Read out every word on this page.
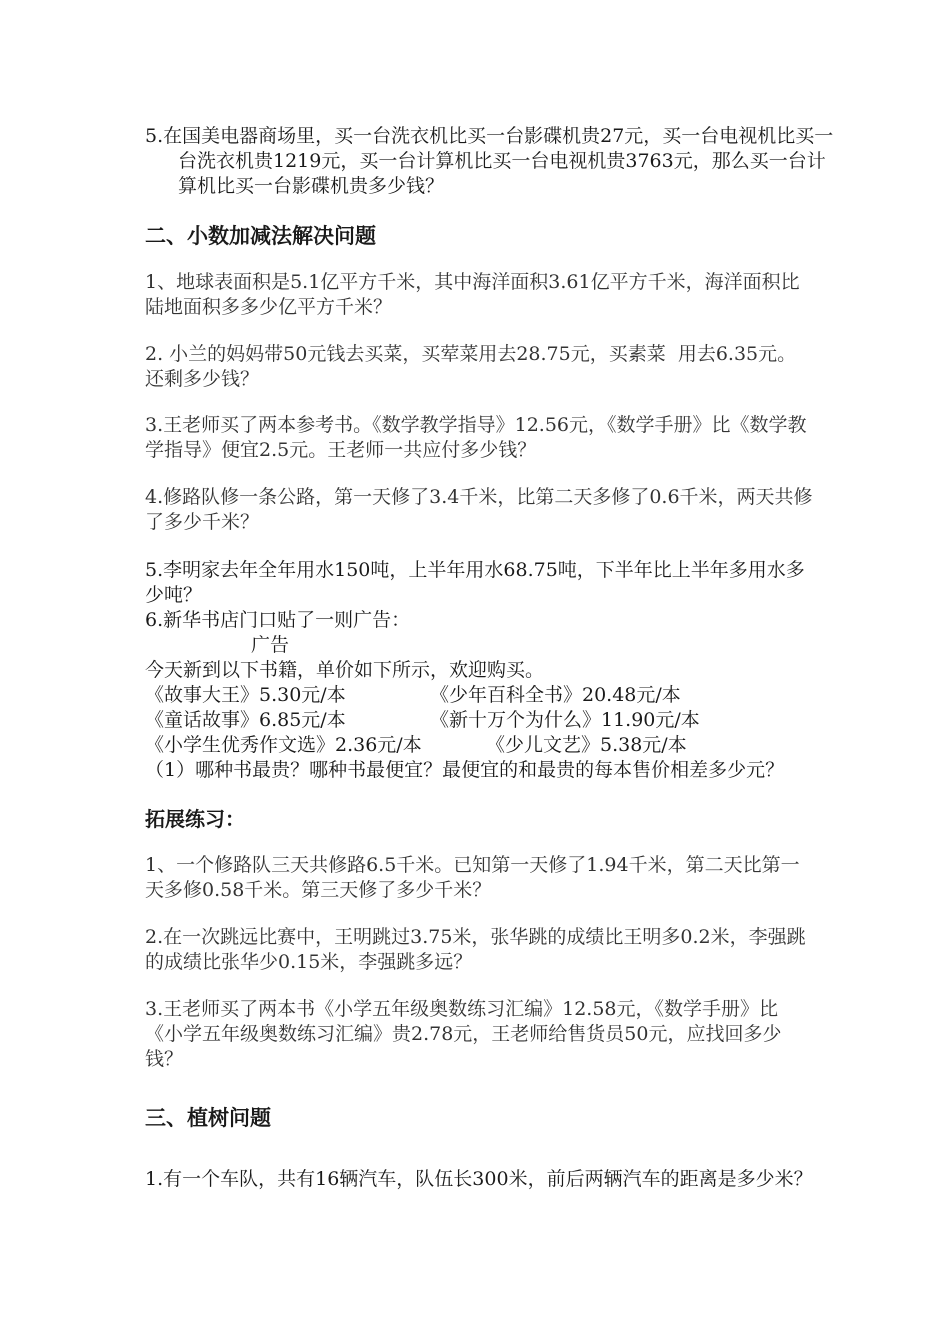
5.在国美电器商场里，买一台洗衣机比买一台影碟机贵27元，买一台电视机比买一台洗衣机贵1219元，买一台计算机比买一台电视机贵3763元，那么买一台计算机比买一台影碟机贵多少钱？

二、小数加减法解决问题

1、地球表面积是5.1亿平方千米，其中海洋面积3.61亿平方千米，海洋面积比陆地面积多多少亿平方千米？

2. 小兰的妈妈带50元钱去买菜，买荤菜用去28.75元，买素菜  用去6.35元。还剩多少钱？

3.王老师买了两本参考书。《数学教学指导》12.56元，《数学手册》比《数学教学指导》便宜2.5元。王老师一共应付多少钱？

4.修路队修一条公路，第一天修了3.4千米，比第二天多修了0.6千米，两天共修了多少千米？

5.李明家去年全年用水150吨，上半年用水68.75吨，下半年比上半年多用水多少吨？

6.新华书店门口贴了一则广告：

广告

今天新到以下书籍，单价如下所示，欢迎购买。

《故事大王》5.30元/本	《少年百科全书》20.48元/本

《童话故事》6.85元/本	《新十万个为什么》11.90元/本

《小学生优秀作文选》2.36元/本	《少儿文艺》5.38元/本

（1）哪种书最贵？哪种书最便宜？最便宜的和最贵的每本售价相差多少元？

拓展练习：

1、一个修路队三天共修路6.5千米。已知第一天修了1.94千米，第二天比第一天多修0.58千米。第三天修了多少千米？

2.在一次跳远比赛中，王明跳过3.75米，张华跳的成绩比王明多0.2米，李强跳的成绩比张华少0.15米，李强跳多远？

3.王老师买了两本书《小学五年级奥数练习汇编》12.58元，《数学手册》比《小学五年级奥数练习汇编》贵2.78元，王老师给售货员50元，应找回多少钱？

三、植树问题

1.有一个车队，共有16辆汽车，队伍长300米，前后两辆汽车的距离是多少米？
